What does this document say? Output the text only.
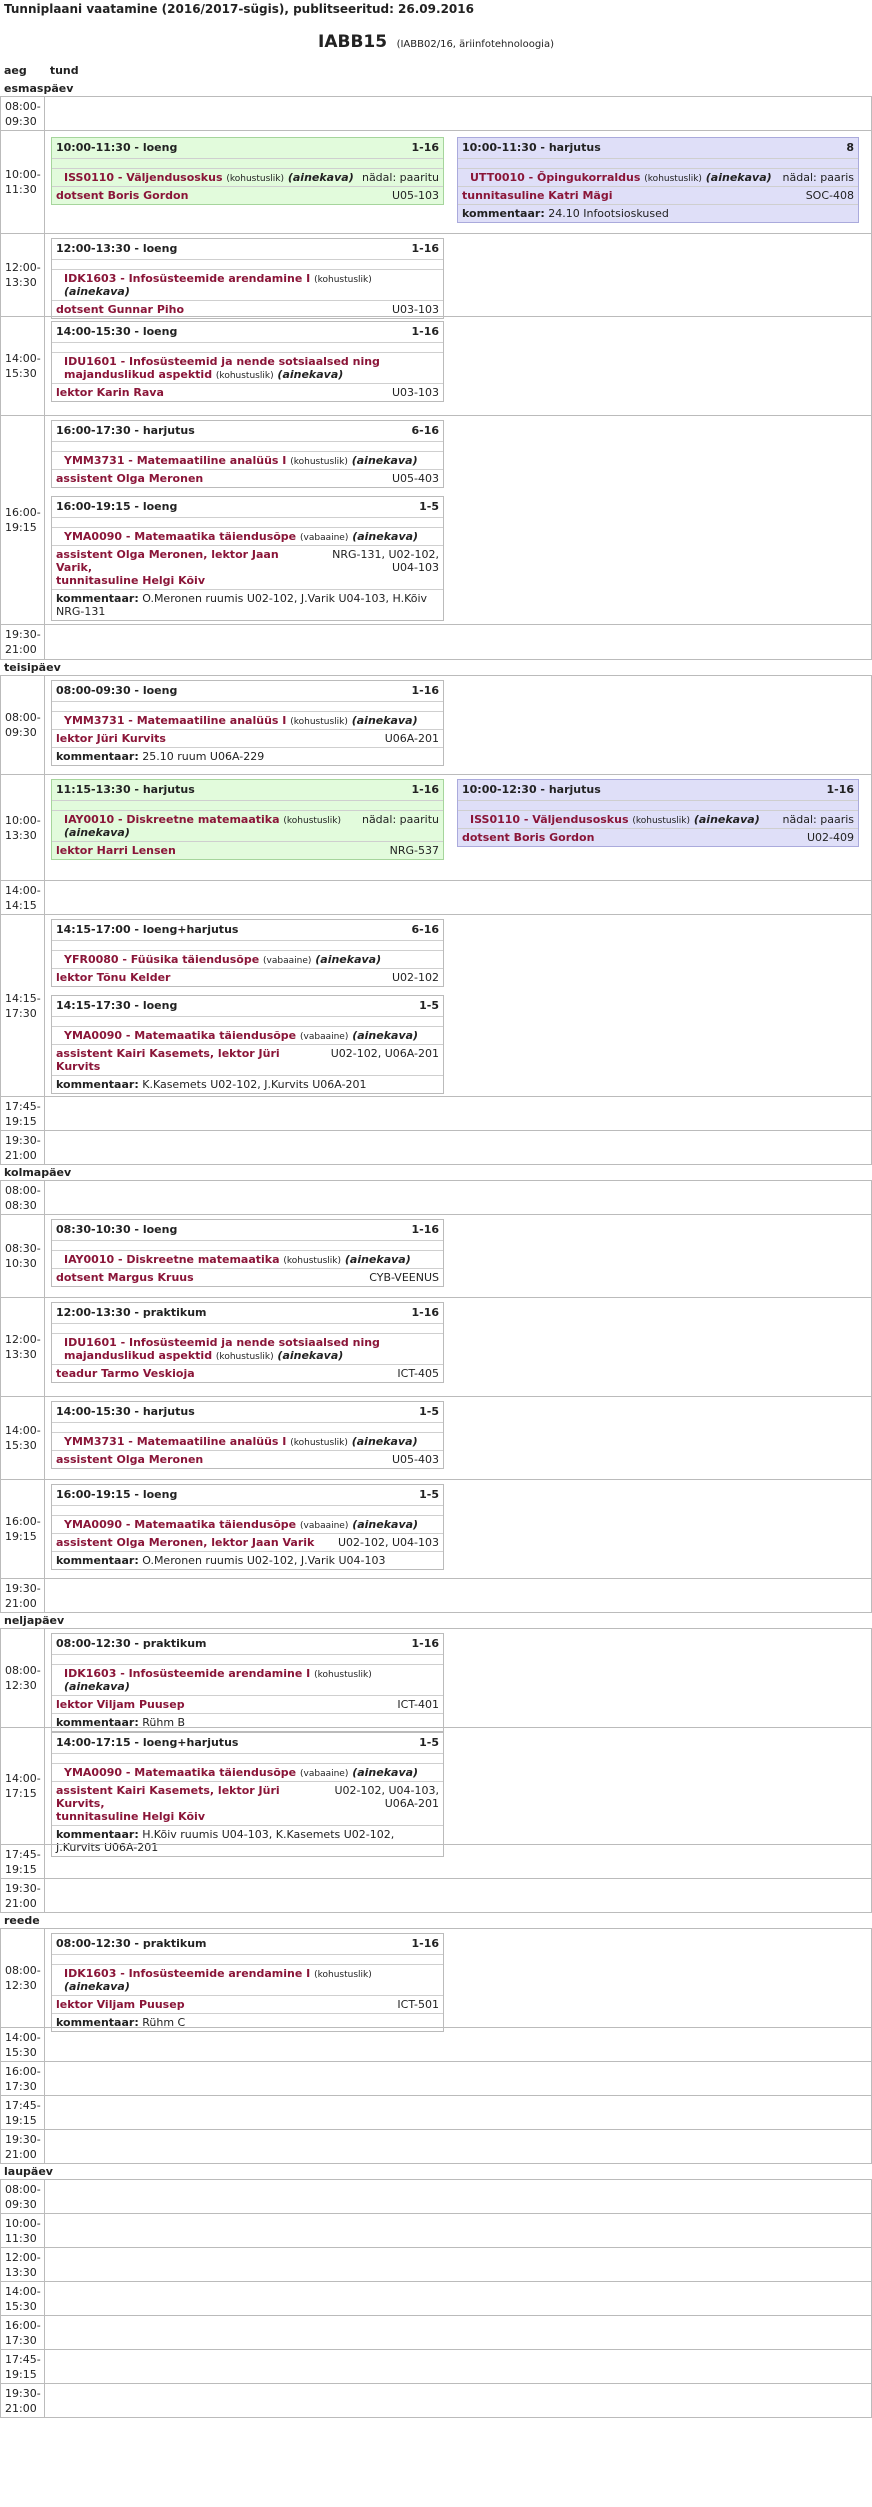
Tunniplaani vaatamine (2016/2017-sügis), publitseeritud: 26.09.2016
IABB15 (IABB02/16, äriinfotehnoloogia)
aeg tund
esmaspäev
08:00-
09:30
10:00-
11:30
10:00-11:30 - loeng	1-16
ISS0110 - Väljendusoskus (kohustuslik) (ainekava) nädal: paaritu
dotsent Boris Gordon	U05-103
10:00-11:30 - harjutus	8
UTT0010 - Õpingukorraldus (kohustuslik) (ainekava) nädal: paaris
tunnitasuline Katri Mägi	SOC-408
kommentaar: 24.10 Infootsioskused
12:00-
13:30
12:00-13:30 - loeng	1-16
IDK1603 - Infosüsteemide arendamine I (kohustuslik) (ainekava)
dotsent Gunnar Piho	U03-103
14:00-
15:30
14:00-15:30 - loeng	1-16
IDU1601 - Infosüsteemid ja nende sotsiaalsed ning majanduslikud aspektid (kohustuslik) (ainekava)
lektor Karin Rava	U03-103
16:00-
19:15
16:00-17:30 - harjutus	6-16
YMM3731 - Matemaatiline analüüs I (kohustuslik) (ainekava)
assistent Olga Meronen	U05-403
16:00-19:15 - loeng	1-5
YMA0090 - Matemaatika täiendusõpe (vabaaine) (ainekava)
assistent Olga Meronen, lektor Jaan Varik,
tunnitasuline Helgi Kõiv
NRG-131, U02-102, U04-103
kommentaar: O.Meronen ruumis U02-102, J.Varik U04-103, H.Kõiv NRG-131
19:30-
21:00
teisipäev
08:00-
09:30
08:00-09:30 - loeng	1-16
YMM3731 - Matemaatiline analüüs I (kohustuslik) (ainekava)
lektor Jüri Kurvits	U06A-201
kommentaar: 25.10 ruum U06A-229
10:00-
13:30
11:15-13:30 - harjutus	1-16
IAY0010 - Diskreetne matemaatika (kohustuslik) (ainekava)
nädal: paaritu
lektor Harri Lensen	NRG-537
10:00-12:30 - harjutus	1-16
ISS0110 - Väljendusoskus (kohustuslik) (ainekava)	nädal: paaris
dotsent Boris Gordon	U02-409
14:00-
14:15
14:15-
17:30
14:15-17:00 - loeng+harjutus	6-16
YFR0080 - Füüsika täiendusõpe (vabaaine) (ainekava)
lektor Tõnu Kelder	U02-102
14:15-17:30 - loeng	1-5
YMA0090 - Matemaatika täiendusõpe (vabaaine) (ainekava)
assistent Kairi Kasemets, lektor Jüri Kurvits
U02-102, U06A-201
kommentaar: K.Kasemets U02-102, J.Kurvits U06A-201
17:45-
19:15
19:30-
21:00
kolmapäev
08:00-
08:30
08:30-
10:30
08:30-10:30 - loeng	1-16
IAY0010 - Diskreetne matemaatika (kohustuslik) (ainekava)
dotsent Margus Kruus	CYB-VEENUS
12:00-
13:30
12:00-13:30 - praktikum	1-16
IDU1601 - Infosüsteemid ja nende sotsiaalsed ning majanduslikud aspektid (kohustuslik) (ainekava)
teadur Tarmo Veskioja	ICT-405
14:00-
15:30
14:00-15:30 - harjutus	1-5
YMM3731 - Matemaatiline analüüs I (kohustuslik) (ainekava)
assistent Olga Meronen	U05-403
16:00-
19:15
16:00-19:15 - loeng	1-5
YMA0090 - Matemaatika täiendusõpe (vabaaine) (ainekava)
assistent Olga Meronen, lektor Jaan Varik	U02-102, U04-103
kommentaar: O.Meronen ruumis U02-102, J.Varik U04-103
19:30-
21:00
neljapäev
08:00-
12:30
08:00-12:30 - praktikum	1-16
IDK1603 - Infosüsteemide arendamine I (kohustuslik) (ainekava)
lektor Viljam Puusep	ICT-401
kommentaar: Rühm B
14:00-
17:15
14:00-17:15 - loeng+harjutus	1-5
YMA0090 - Matemaatika täiendusõpe (vabaaine) (ainekava)
assistent Kairi Kasemets, lektor Jüri Kurvits,
tunnitasuline Helgi Kõiv
U02-102, U04-103, U06A-201
kommentaar: H.Kõiv ruumis U04-103, K.Kasemets U02-102, J.Kurvits U06A-201
17:45-
19:15
19:30-
21:00
reede
08:00-
12:30
08:00-12:30 - praktikum	1-16
IDK1603 - Infosüsteemide arendamine I (kohustuslik) (ainekava)
lektor Viljam Puusep	ICT-501
kommentaar: Rühm C
14:00-
15:30
16:00-
17:30
17:45-
19:15
19:30-
21:00
laupäev
08:00-
09:30
10:00-
11:30
12:00-
13:30
14:00-
15:30
16:00-
17:30
17:45-
19:15
19:30-
21:00
